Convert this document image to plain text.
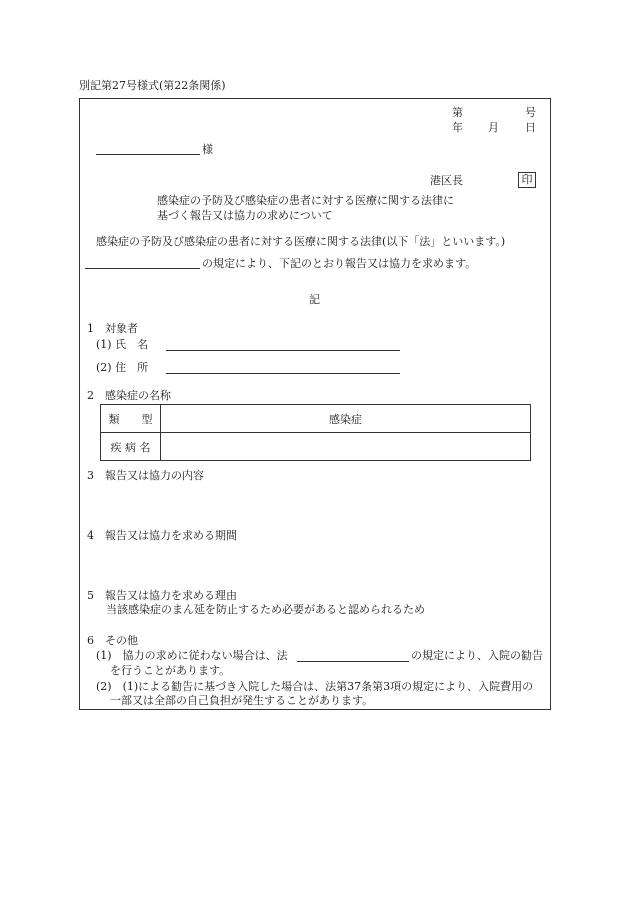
別記第27号様式(第22条関係)
第	号
年 月 日
様
港区長	印
感染症の予防及び感染症の患者に対する医療に関する法律に
基づく報告又は協力の求めについて
感染症の予防及び感染症の患者に対する医療に関する法律(以下「法」といいます。)
の規定により、下記のとおり報告又は協力を求めます。
記
1　対象者
(1) 氏　名
(2) 住　所
2　感染症の名称
類　　型	感染症
疾 病 名	
3　報告又は協力の内容
4　報告又は協力を求める期間
5　報告又は協力を求める理由
当該感染症のまん延を防止するため必要があると認められるため
6　その他
(1)　協力の求めに従わない場合は、法	の規定により、入院の勧告
を行うことがあります。
(2)　(1)による勧告に基づき入院した場合は、法第37条第3項の規定により、入院費用の
一部又は全部の自己負担が発生することがあります。
